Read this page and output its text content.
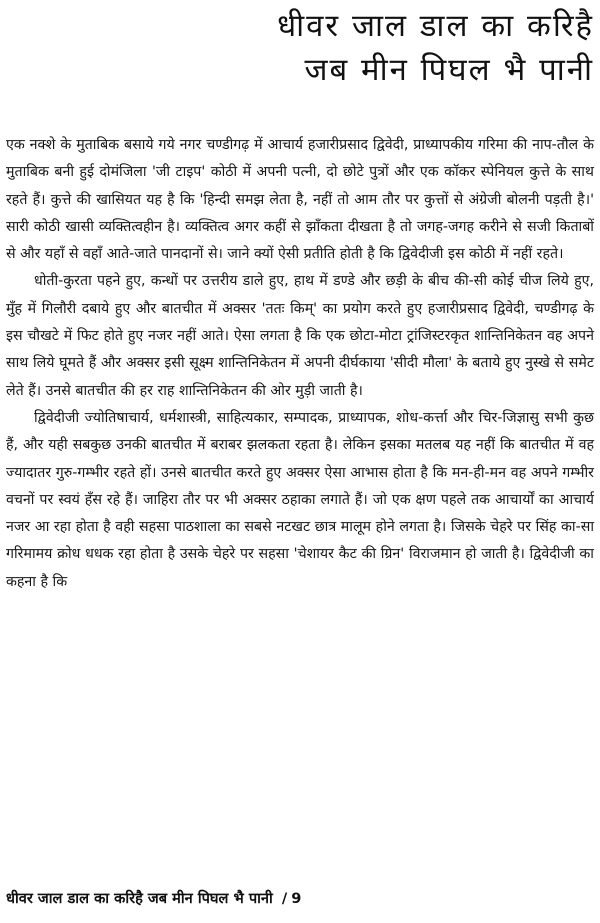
धीवर जाल डाल का करिहै
जब मीन पिघल भै पानी

एक नक्शे के मुताबिक बसाये गये नगर चण्डीगढ़ में आचार्य हजारीप्रसाद द्विवेदी, प्राध्यापकीय गरिमा की नाप-तौल के मुताबिक बनी हुई दोमंजिला 'जी टाइप' कोठी में अपनी पत्नी, दो छोटे पुत्रों और एक कॉकर स्पेनियल कुत्ते के साथ रहते हैं। कुत्ते की खासियत यह है कि 'हिन्दी समझ लेता है, नहीं तो आम तौर पर कुत्तों से अंग्रेजी बोलनी पड़ती है।' सारी कोठी खासी व्यक्तित्वहीन है। व्यक्तित्व अगर कहीं से झाँकता दीखता है तो जगह-जगह करीने से सजी किताबों से और यहाँ से वहाँ आते-जाते पानदानों से। जाने क्यों ऐसी प्रतीति होती है कि द्विवेदीजी इस कोठी में नहीं रहते।

धोती-कुरता पहने हुए, कन्धों पर उत्तरीय डाले हुए, हाथ में डण्डे और छड़ी के बीच की-सी कोई चीज लिये हुए, मुँह में गिलौरी दबाये हुए और बातचीत में अक्सर 'ततः किम्' का प्रयोग करते हुए हजारीप्रसाद द्विवेदी, चण्डीगढ़ के इस चौखटे में फिट होते हुए नजर नहीं आते। ऐसा लगता है कि एक छोटा-मोटा ट्रांजिस्टरकृत शान्तिनिकेतन वह अपने साथ लिये घूमते हैं और अक्सर इसी सूक्ष्म शान्तिनिकेतन में अपनी दीर्घकाया 'सीदी मौला' के बताये हुए नुस्खे से समेट लेते हैं। उनसे बातचीत की हर राह शान्तिनिकेतन की ओर मुड़ी जाती है।

द्विवेदीजी ज्योतिषाचार्य, धर्मशास्त्री, साहित्यकार, सम्पादक, प्राध्यापक, शोध-कर्त्ता और चिर-जिज्ञासु सभी कुछ हैं, और यही सबकुछ उनकी बातचीत में बराबर झलकता रहता है। लेकिन इसका मतलब यह नहीं कि बातचीत में वह ज्यादातर गुरु-गम्भीर रहते हों। उनसे बातचीत करते हुए अक्सर ऐसा आभास होता है कि मन-ही-मन वह अपने गम्भीर वचनों पर स्वयं हँस रहे हैं। जाहिरा तौर पर भी अक्सर ठहाका लगाते हैं। जो एक क्षण पहले तक आचार्यों का आचार्य नजर आ रहा होता है वही सहसा पाठशाला का सबसे नटखट छात्र मालूम होने लगता है। जिसके चेहरे पर सिंह का-सा गरिमामय क्रोध धधक रहा होता है उसके चेहरे पर सहसा 'चेशायर कैट की ग्रिन' विराजमान हो जाती है। द्विवेदीजी का कहना है कि

धीवर जाल डाल का करिहै जब मीन पिघल भै पानी / 9
